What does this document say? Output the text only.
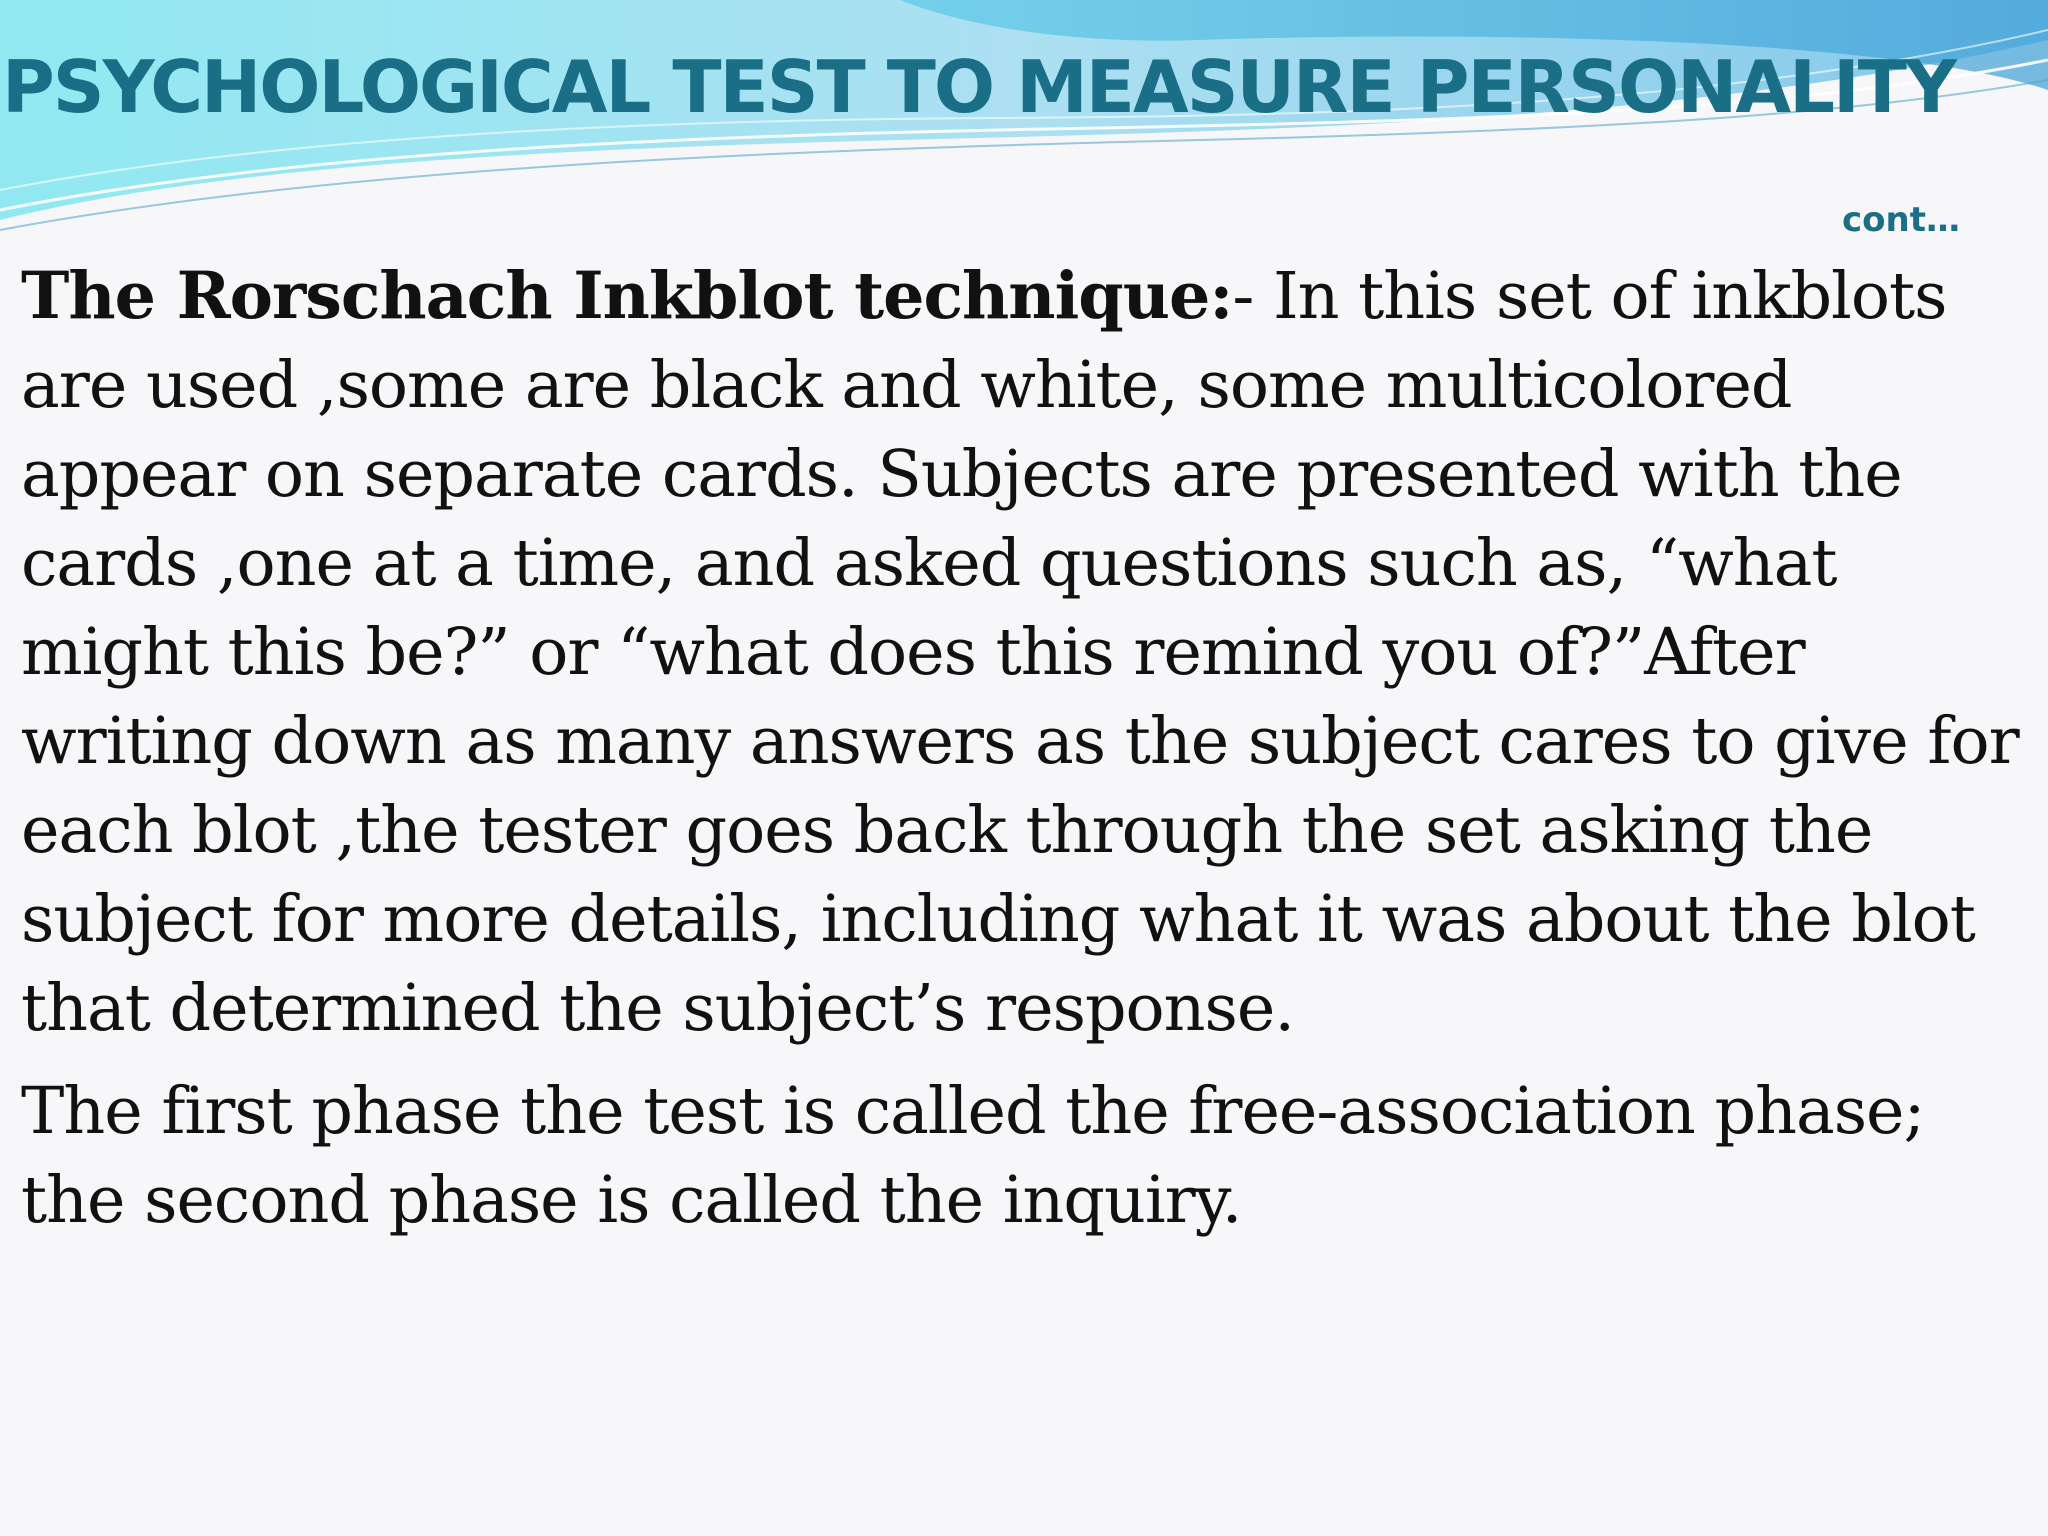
PSYCHOLOGICAL TEST TO MEASURE PERSONALITY
cont…

The Rorschach Inkblot technique:- In this set of inkblots are used ,some are black and white, some multicolored appear on separate cards. Subjects are presented with the cards ,one at a time, and asked questions such as, “what might this be?” or “what does this remind you of?”After writing down as many answers as the subject cares to give for each blot ,the tester goes back through the set asking the subject for more details, including what it was about the blot that determined the subject’s response.

The first phase the test is called the free-association phase; the second phase is called the inquiry.
